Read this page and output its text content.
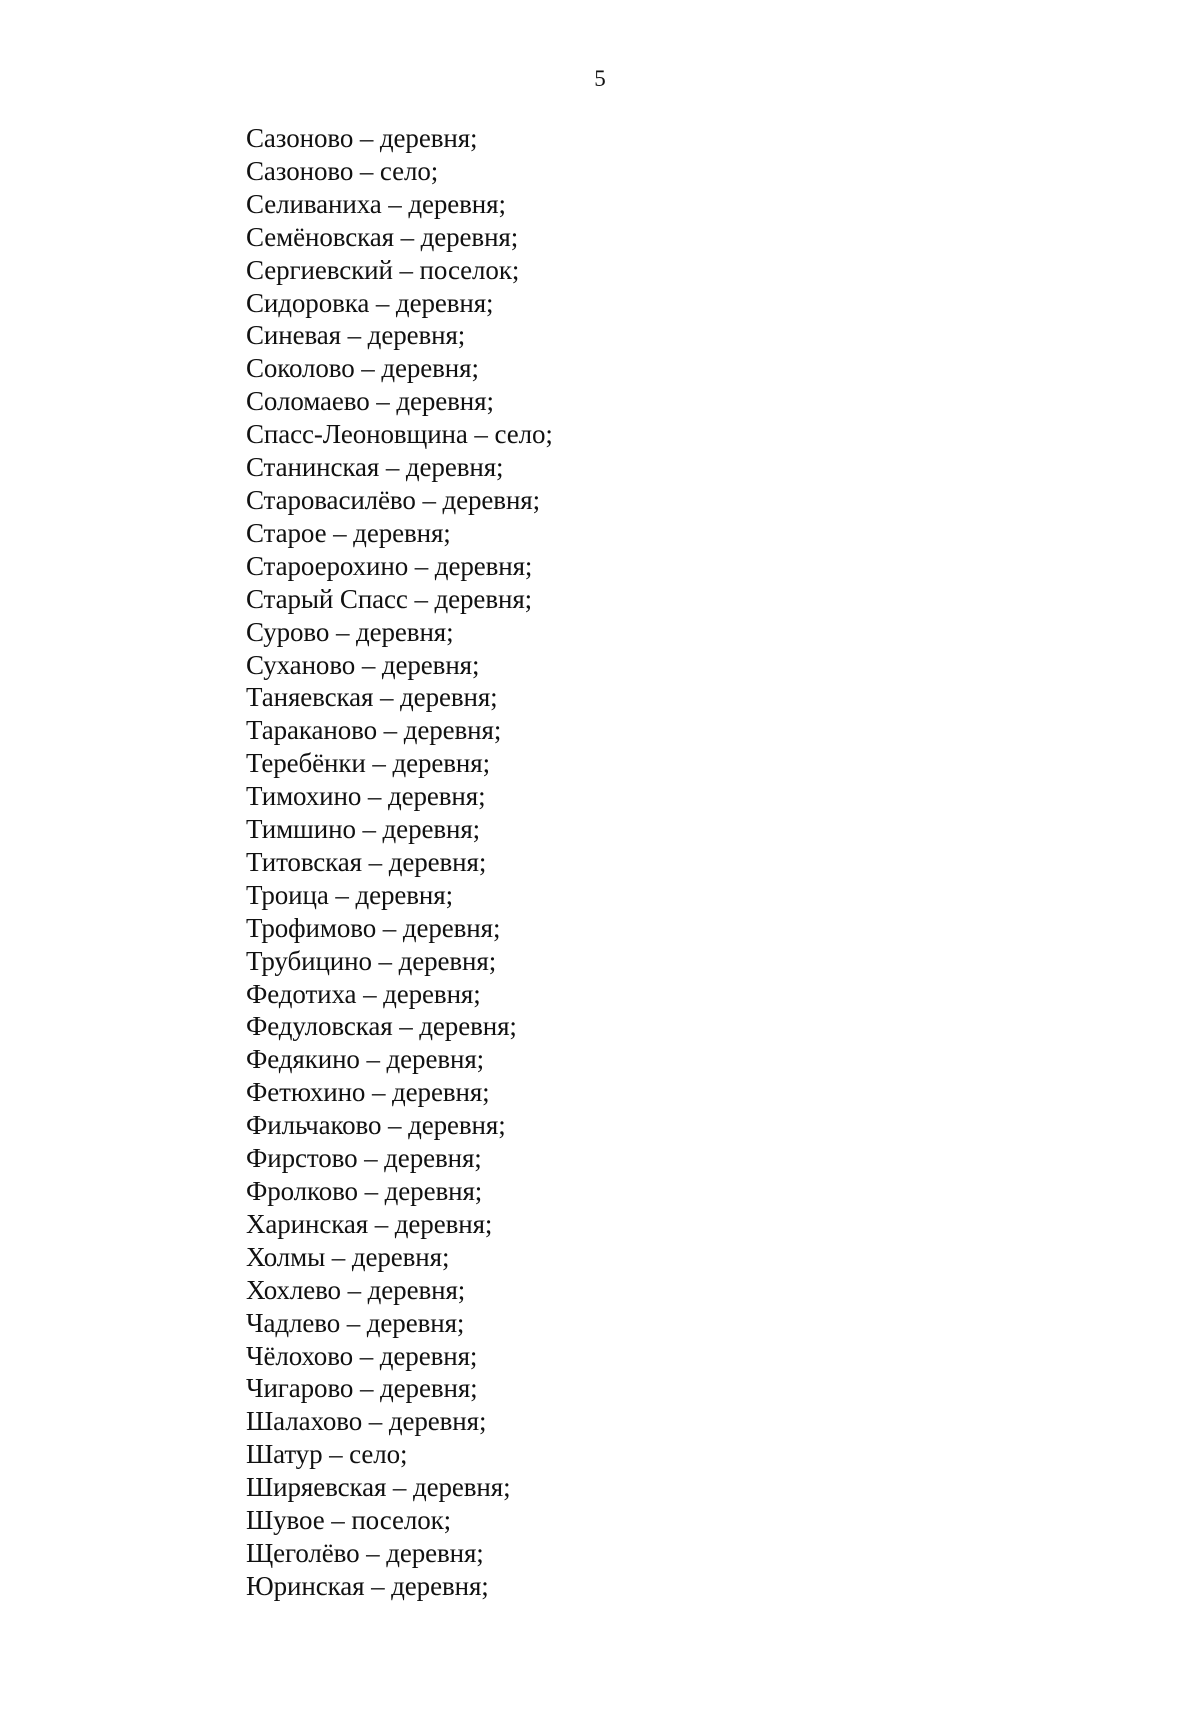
5
Сазоново – деревня;
Сазоново – село;
Селиваниха – деревня;
Семёновская – деревня;
Сергиевский – поселок;
Сидоровка – деревня;
Синевая – деревня;
Соколово – деревня;
Соломаево – деревня;
Спасс-Леоновщина – село;
Станинская – деревня;
Старовасилёво – деревня;
Старое – деревня;
Староерохино – деревня;
Старый Спасс – деревня;
Сурово – деревня;
Суханово – деревня;
Таняевская – деревня;
Тараканово – деревня;
Теребёнки – деревня;
Тимохино – деревня;
Тимшино – деревня;
Титовская – деревня;
Троица – деревня;
Трофимово – деревня;
Трубицино – деревня;
Федотиха – деревня;
Федуловская – деревня;
Федякино – деревня;
Фетюхино – деревня;
Фильчаково – деревня;
Фирстово – деревня;
Фролково – деревня;
Харинская – деревня;
Холмы – деревня;
Хохлево – деревня;
Чадлево – деревня;
Чёлохово – деревня;
Чигарово – деревня;
Шалахово – деревня;
Шатур – село;
Ширяевская – деревня;
Шувое – поселок;
Щеголёво – деревня;
Юринская – деревня;
